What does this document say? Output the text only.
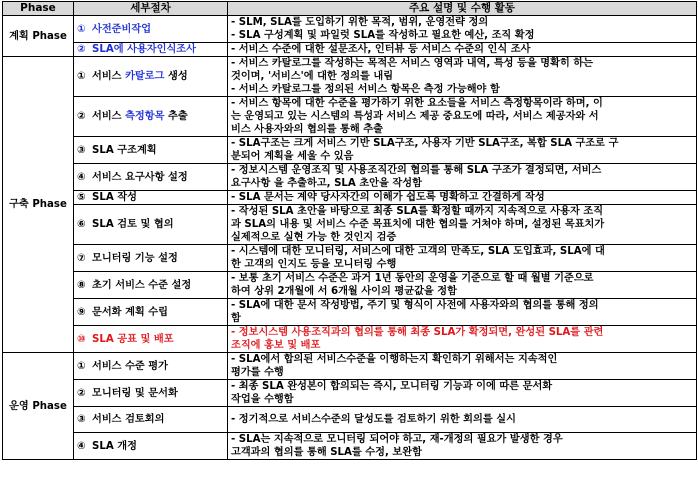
Phase	세부절차	주요 설명 및 수행 활동
계획 Phase	① 사전준비작업	- SLM, SLA를 도입하기 위한 목적, 범위, 운영전략 정의
- SLA 구성계획 및 파일럿 SLA를 작성하고 필요한 예산, 조직 확정

	② SLA에 사용자인식조사	- 서비스 수준에 대한 설문조사, 인터뷰 등 서비스 수준의 인식 조사

구축 Phase	① 서비스 카탈로그 생성	- 서비스 카탈로그를 작성하는 목적은 서비스 영역과 내역, 특성 등을 명확히 하는
것이며, '서비스'에 대한 정의를 내림
- 서비스 카탈로그를 정의된 서비스 항목은 측정 가능해야 함

	② 서비스 측정항목 추출	- 서비스 항목에 대한 수준을 평가하기 위한 요소들을 서비스 측정항목이라 하며, 이
는 운영되고 있는 시스템의 특성과 서비스 제공 중요도에 따라, 서비스 제공자와 서
비스 사용자와의 협의를 통해 추출

	③ SLA 구조계획	- SLA구조는 크게 서비스 기반 SLA구조, 사용자 기반 SLA구조, 복합 SLA 구조로 구
분되어 계획을 세울 수 있음

	④ 서비스 요구사항 설정	- 정보시스템 운영조직 및 사용조직간의 협의를 통해 SLA 구조가 결정되면, 서비스
요구사항 을 추출하고, SLA 초안을 작성함

	⑤ SLA 작성	- SLA 문서는 계약 당사자간의 이해가 쉽도록 명확하고 간결하게 작성

	⑥ SLA 검토 및 협의	- 작성된 SLA 초안을 바탕으로 최종 SLA를 확정할 때까지 지속적으로 사용자 조직
과 SLA의 내용 및 서비스 수준 목표치에 대한 협의를 거쳐야 하며, 설정된 목표치가
실제적으로 실현 가능 한 것인지 검증

	⑦ 모니터링 기능 설정	- 시스템에 대한 모니터링, 서비스에 대한 고객의 만족도, SLA 도입효과, SLA에 대
한 고객의 인지도 등을 모니터링 수행

	⑧ 초기 서비스 수준 설정	- 보통 초기 서비스 수준은 과거 1년 동안의 운영을 기준으로 할 때 월별 기준으로
하여 상위 2개월에 서 6개월 사이의 평균값을 정함

	⑨ 문서화 계획 수립	- SLA에 대한 문서 작성방법, 주기 및 형식이 사전에 사용자와의 협의를 통해 정의
함

	⑩ SLA 공표 및 배포	- 정보시스템 사용조직과의 협의를 통해 최종 SLA가 확정되면, 완성된 SLA를 관련
조직에 홍보 및 배포

운영 Phase	① 서비스 수준 평가	- SLA에서 합의된 서비스수준을 이행하는지 확인하기 위해서는 지속적인
평가를 수행

	② 모니터링 및 문서화	- 최종 SLA 완성본이 합의되는 즉시, 모니터링 기능과 이에 따른 문서화
작업을 수행함

	③ 서비스 검토회의	- 정기적으로 서비스수준의 달성도를 검토하기 위한 회의를 실시

	④ SLA 개정	- SLA는 지속적으로 모니터링 되어야 하고, 재-개정의 필요가 발생한 경우
고객과의 협의를 통해 SLA를 수정, 보완함
